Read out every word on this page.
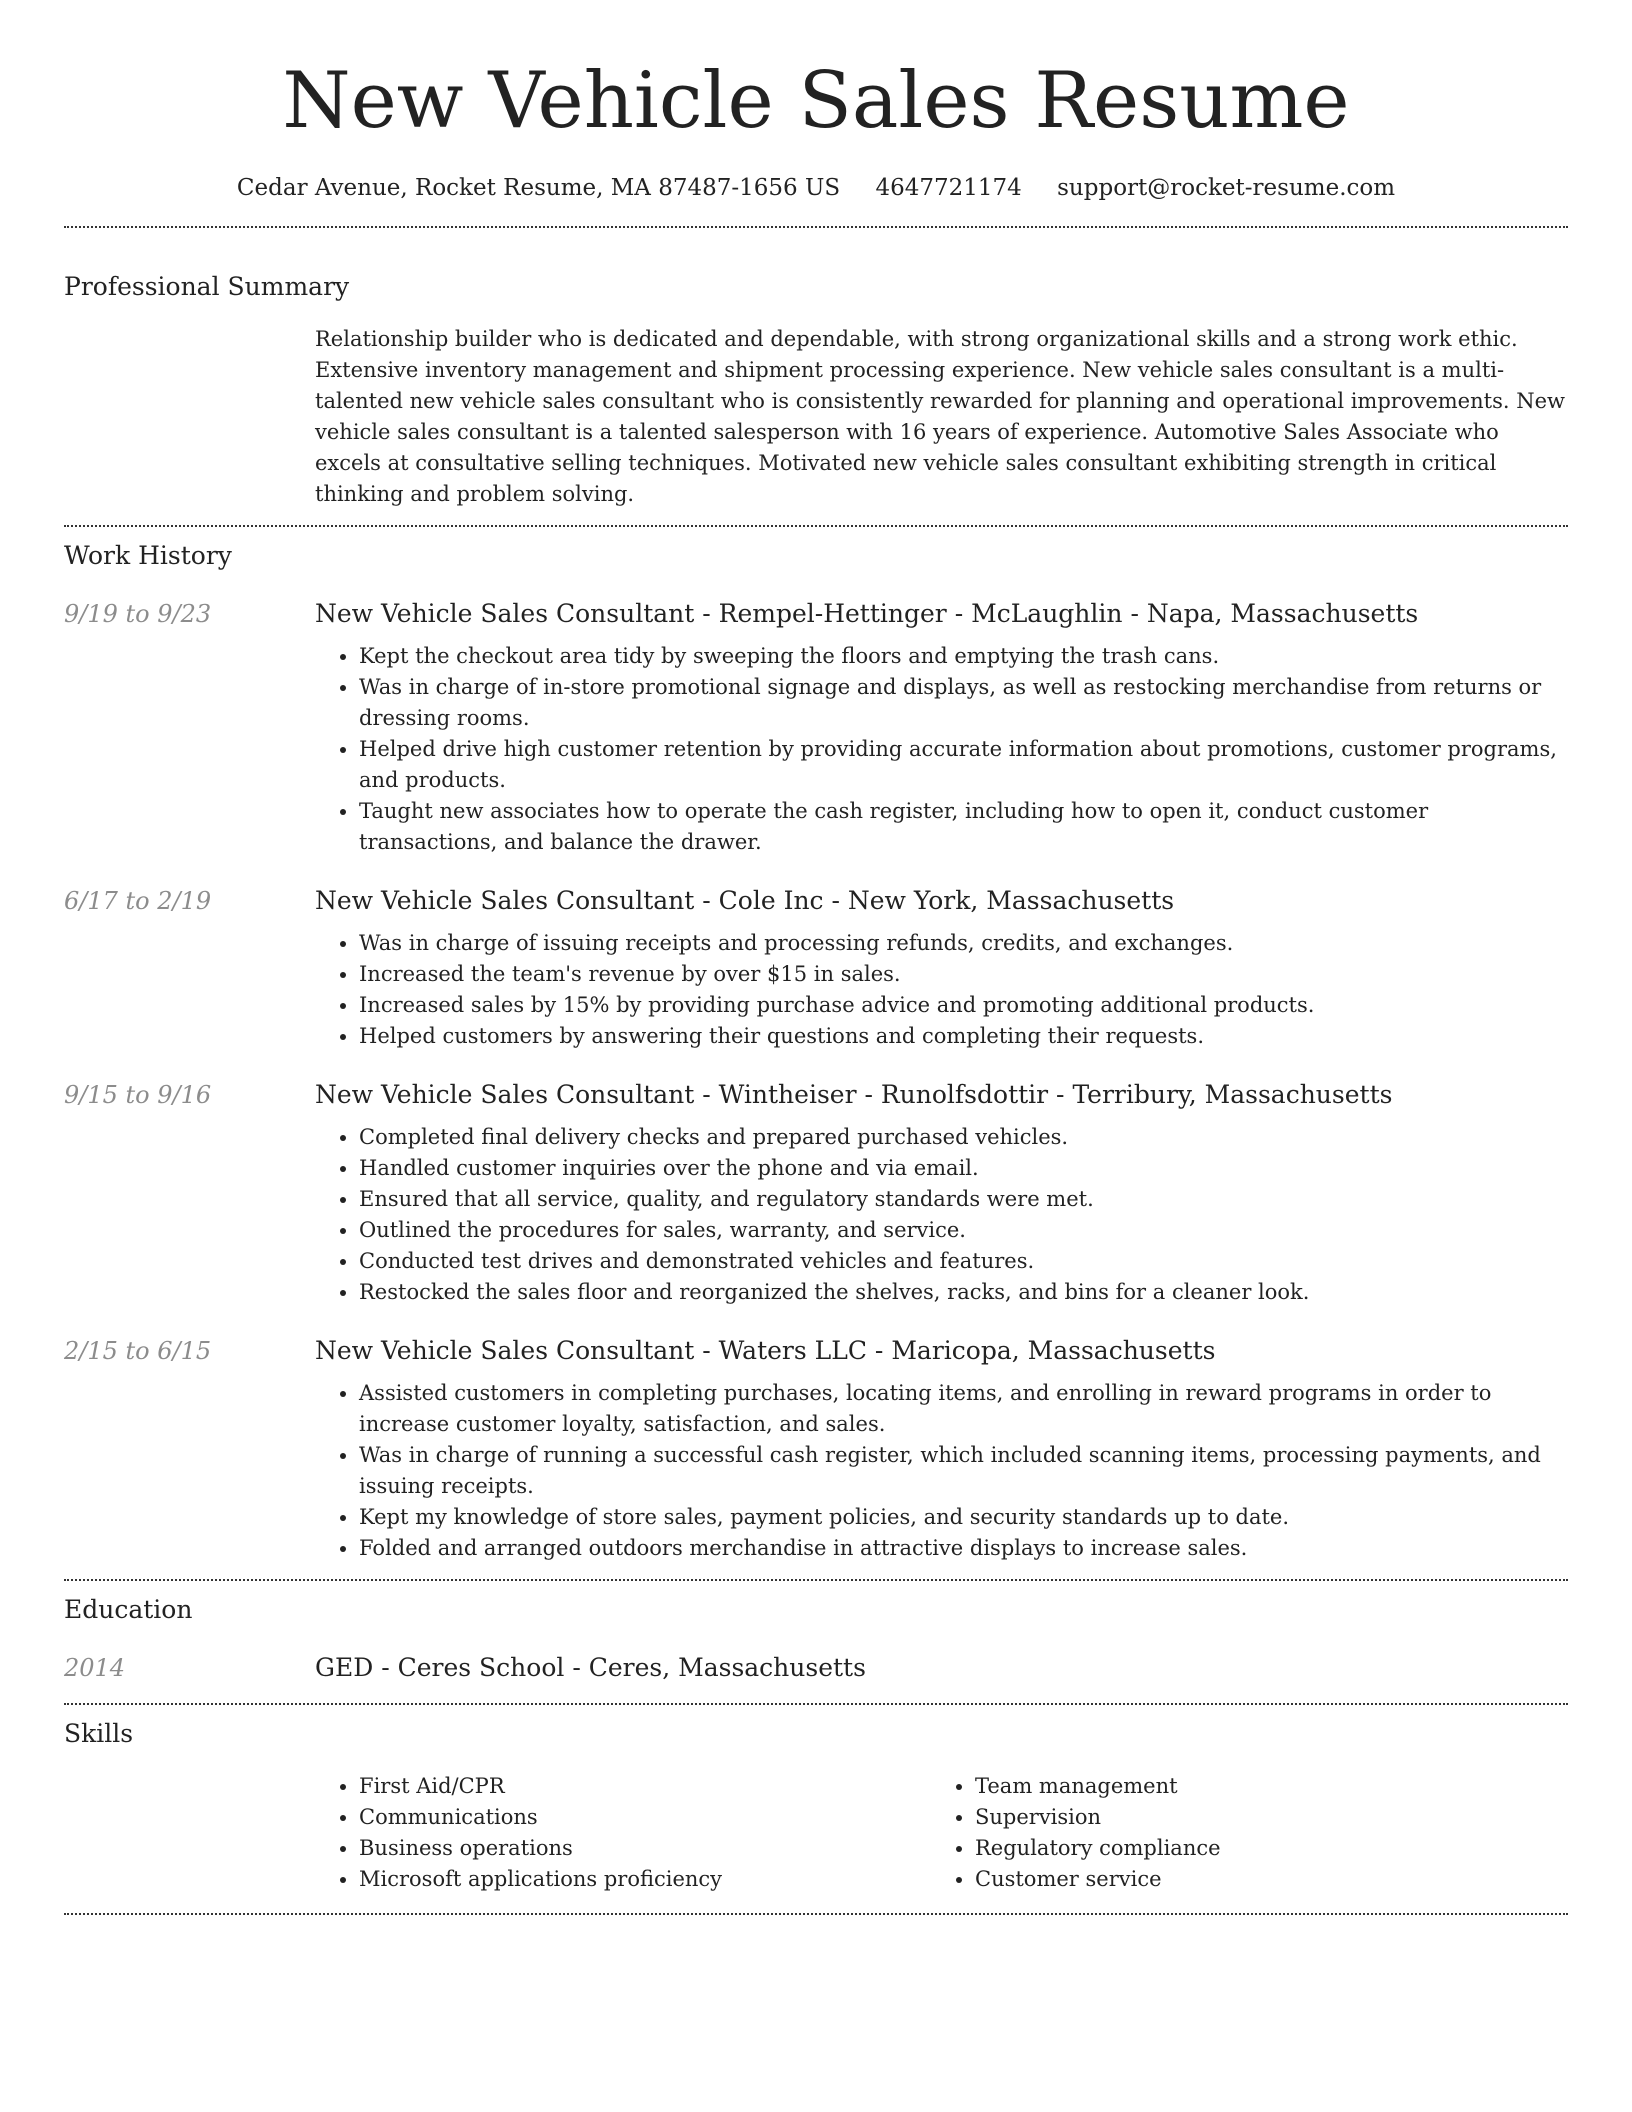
New Vehicle Sales Resume
Cedar Avenue, Rocket Resume, MA 87487-1656 US 4647721174 support@rocket-resume.com
Professional Summary
Relationship builder who is dedicated and dependable, with strong organizational skills and a strong work ethic. Extensive inventory management and shipment processing experience. New vehicle sales consultant is a multi-talented new vehicle sales consultant who is consistently rewarded for planning and operational improvements. New vehicle sales consultant is a talented salesperson with 16 years of experience. Automotive Sales Associate who excels at consultative selling techniques. Motivated new vehicle sales consultant exhibiting strength in critical thinking and problem solving.
Work History
9/19 to 9/23	New Vehicle Sales Consultant - Rempel-Hettinger - McLaughlin - Napa, Massachusetts
• Kept the checkout area tidy by sweeping the floors and emptying the trash cans.
• Was in charge of in-store promotional signage and displays, as well as restocking merchandise from returns or dressing rooms.
• Helped drive high customer retention by providing accurate information about promotions, customer programs, and products.
• Taught new associates how to operate the cash register, including how to open it, conduct customer transactions, and balance the drawer.
6/17 to 2/19	New Vehicle Sales Consultant - Cole Inc - New York, Massachusetts
• Was in charge of issuing receipts and processing refunds, credits, and exchanges.
• Increased the team's revenue by over $15 in sales.
• Increased sales by 15% by providing purchase advice and promoting additional products.
• Helped customers by answering their questions and completing their requests.
9/15 to 9/16	New Vehicle Sales Consultant - Wintheiser - Runolfsdottir - Terribury, Massachusetts
• Completed final delivery checks and prepared purchased vehicles.
• Handled customer inquiries over the phone and via email.
• Ensured that all service, quality, and regulatory standards were met.
• Outlined the procedures for sales, warranty, and service.
• Conducted test drives and demonstrated vehicles and features.
• Restocked the sales floor and reorganized the shelves, racks, and bins for a cleaner look.
2/15 to 6/15	New Vehicle Sales Consultant - Waters LLC - Maricopa, Massachusetts
• Assisted customers in completing purchases, locating items, and enrolling in reward programs in order to increase customer loyalty, satisfaction, and sales.
• Was in charge of running a successful cash register, which included scanning items, processing payments, and issuing receipts.
• Kept my knowledge of store sales, payment policies, and security standards up to date.
• Folded and arranged outdoors merchandise in attractive displays to increase sales.
Education
2014	GED - Ceres School - Ceres, Massachusetts
Skills
• First Aid/CPR
• Communications
• Business operations
• Microsoft applications proficiency
• Team management
• Supervision
• Regulatory compliance
• Customer service
